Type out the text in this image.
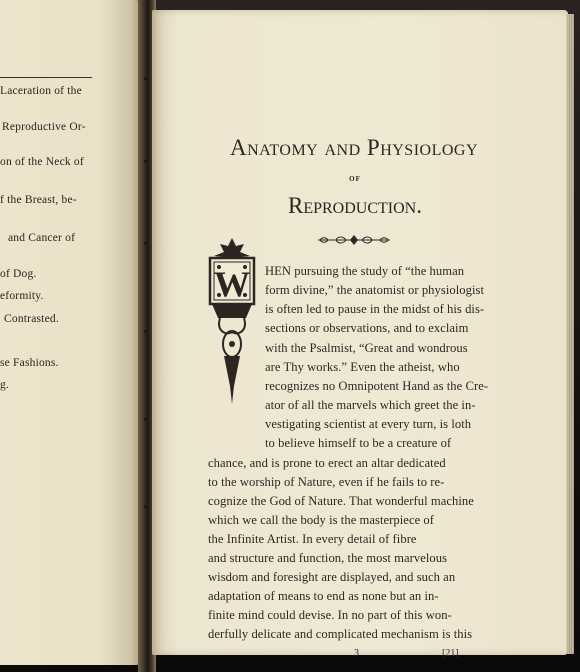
Laceration of the
Reproductive Or-
on of the Neck of
f the Breast, be-
and Cancer of
of Dog.
eformity.
Contrasted.
se Fashions.
g.
Anatomy and Physiology
OF
Reproduction.
W HEN pursuing the study of “the human
form divine,” the anatomist or physiologist
is often led to pause in the midst of his dis-
sections or observations, and to exclaim
with the Psalmist, “Great and wondrous
are Thy works.” Even the atheist, who
recognizes no Omnipotent Hand as the Cre-
ator of all the marvels which greet the in-
vestigating scientist at every turn, is loth
to believe himself to be a creature of
chance, and is prone to erect an altar dedicated
to the worship of Nature, even if he fails to re-
cognize the God of Nature. That wonderful machine
which we call the body is the masterpiece of
the Infinite Artist. In every detail of fibre
and structure and function, the most marvelous
wisdom and foresight are displayed, and such an
adaptation of means to end as none but an in-
finite mind could devise. In no part of this won-
derfully delicate and complicated mechanism is this
3	[21]
